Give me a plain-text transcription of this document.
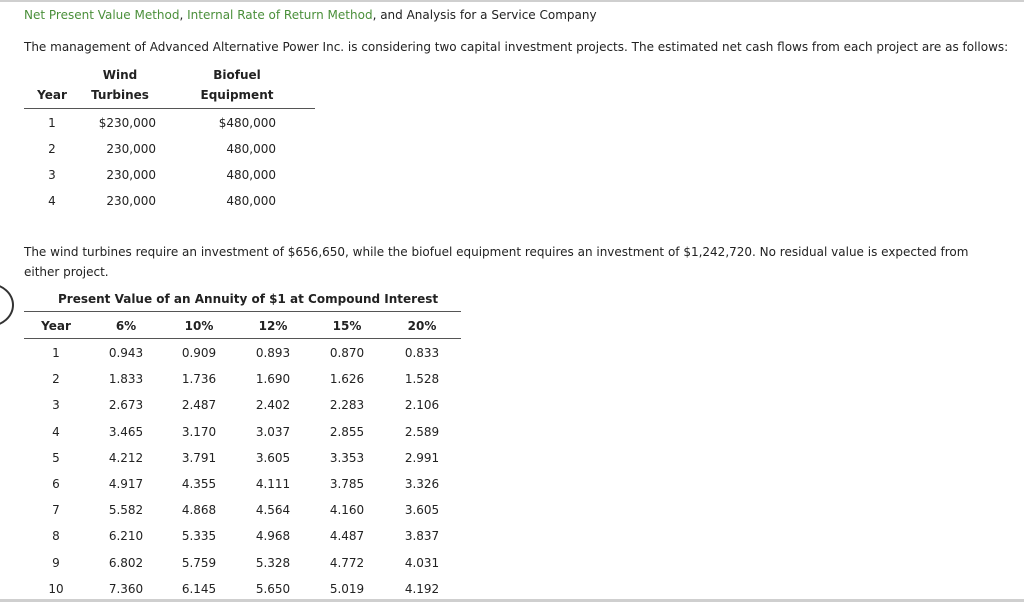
Net Present Value Method, Internal Rate of Return Method, and Analysis for a Service Company
The management of Advanced Alternative Power Inc. is considering two capital investment projects. The estimated net cash flows from each project are as follows:
Wind	Biofuel
Year	Turbines	Equipment
1	$230,000	$480,000
2	230,000	480,000
3	230,000	480,000
4	230,000	480,000
The wind turbines require an investment of $656,650, while the biofuel equipment requires an investment of $1,242,720. No residual value is expected from either project.
Present Value of an Annuity of $1 at Compound Interest
Year	6%	10%	12%	15%	20%
1	0.943	0.909	0.893	0.870	0.833
2	1.833	1.736	1.690	1.626	1.528
3	2.673	2.487	2.402	2.283	2.106
4	3.465	3.170	3.037	2.855	2.589
5	4.212	3.791	3.605	3.353	2.991
6	4.917	4.355	4.111	3.785	3.326
7	5.582	4.868	4.564	4.160	3.605
8	6.210	5.335	4.968	4.487	3.837
9	6.802	5.759	5.328	4.772	4.031
10	7.360	6.145	5.650	5.019	4.192
